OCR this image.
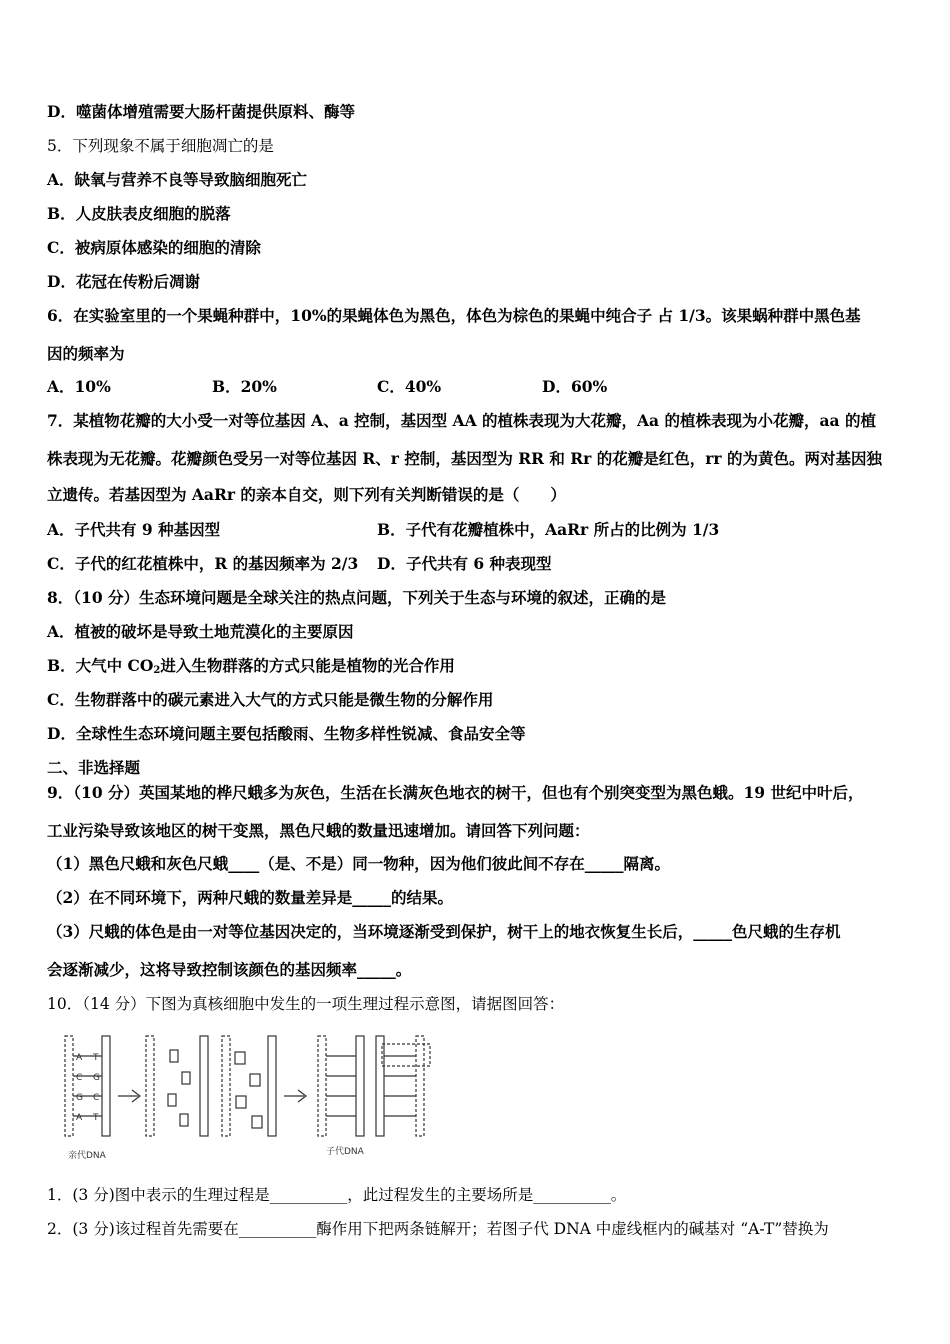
D．噬菌体增殖需要大肠杆菌提供原料、酶等
5．下列现象不属于细胞凋亡的是
A．缺氧与营养不良等导致脑细胞死亡
B．人皮肤表皮细胞的脱落
C．被病原体感染的细胞的清除
D．花冠在传粉后凋谢
6．在实验室里的一个果蝇种群中，10%的果蝇体色为黑色，体色为棕色的果蝇中纯合子 占 1/3。该果蜗种群中黑色基
因的频率为
A．10%	B．20%	C．40%	D．60%
7．某植物花瓣的大小受一对等位基因 A、a 控制，基因型 AA 的植株表现为大花瓣，Aa 的植株表现为小花瓣，aa 的植
株表现为无花瓣。花瓣颜色受另一对等位基因 R、r 控制，基因型为 RR 和 Rr 的花瓣是红色，rr 的为黄色。两对基因独
立遗传。若基因型为 AaRr 的亲本自交，则下列有关判断错误的是（　　）
A．子代共有 9 种基因型	B．子代有花瓣植株中，AaRr 所占的比例为 1/3
C．子代的红花植株中，R 的基因频率为 2/3 D．子代共有 6 种表现型
8．（10 分）生态环境问题是全球关注的热点问题，下列关于生态与环境的叙述，正确的是
A．植被的破坏是导致土地荒漠化的主要原因
B．大气中 $CO_2$进入生物群落的方式只能是植物的光合作用
C．生物群落中的碳元素进入大气的方式只能是微生物的分解作用
D．全球性生态环境问题主要包括酸雨、生物多样性锐减、食品安全等
二、非选择题
9．（10 分）英国某地的桦尺蛾多为灰色，生活在长满灰色地衣的树干，但也有个别突变型为黑色蛾。19 世纪中叶后，
工业污染导致该地区的树干变黑，黑色尺蛾的数量迅速增加。请回答下列问题：
（1）黑色尺蛾和灰色尺蛾____（是、不是）同一物种，因为他们彼此间不存在_____隔离。
（2）在不同环境下，两种尺蛾的数量差异是_____的结果。
（3）尺蛾的体色是由一对等位基因决定的，当环境逐渐受到保护，树干上的地衣恢复生长后，_____色尺蛾的生存机
会逐渐减少，这将导致控制该颜色的基因频率_____。
10．（14 分）下图为真核细胞中发生的一项生理过程示意图，请据图回答：
A
C
G
A
T
G
C
T
亲代DNA	子代DNA
1．(3 分)图中表示的生理过程是__________，此过程发生的主要场所是__________。
2．(3 分)该过程首先需要在__________酶作用下把两条链解开；若图子代 DNA 中虚线框内的碱基对 “A-T”替换为
